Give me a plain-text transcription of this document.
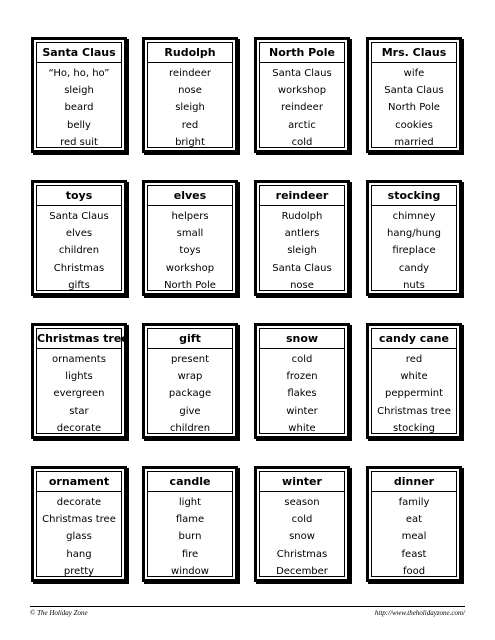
Santa Claus
“Ho, ho, ho”
sleigh
beard
belly
red suit
Rudolph
reindeer
nose
sleigh
red
bright
North Pole
Santa Claus
workshop
reindeer
arctic
cold
Mrs. Claus
wife
Santa Claus
North Pole
cookies
married
toys
Santa Claus
elves
children
Christmas
gifts
elves
helpers
small
toys
workshop
North Pole
reindeer
Rudolph
antlers
sleigh
Santa Claus
nose
stocking
chimney
hang/hung
fireplace
candy
nuts
Christmas tree
ornaments
lights
evergreen
star
decorate
gift
present
wrap
package
give
children
snow
cold
frozen
flakes
winter
white
candy cane
red
white
peppermint
Christmas tree
stocking
ornament
decorate
Christmas tree
glass
hang
pretty
candle
light
flame
burn
fire
window
winter
season
cold
snow
Christmas
December
dinner
family
eat
meal
feast
food
© The Holiday Zone	http://www.theholidayzone.com/
